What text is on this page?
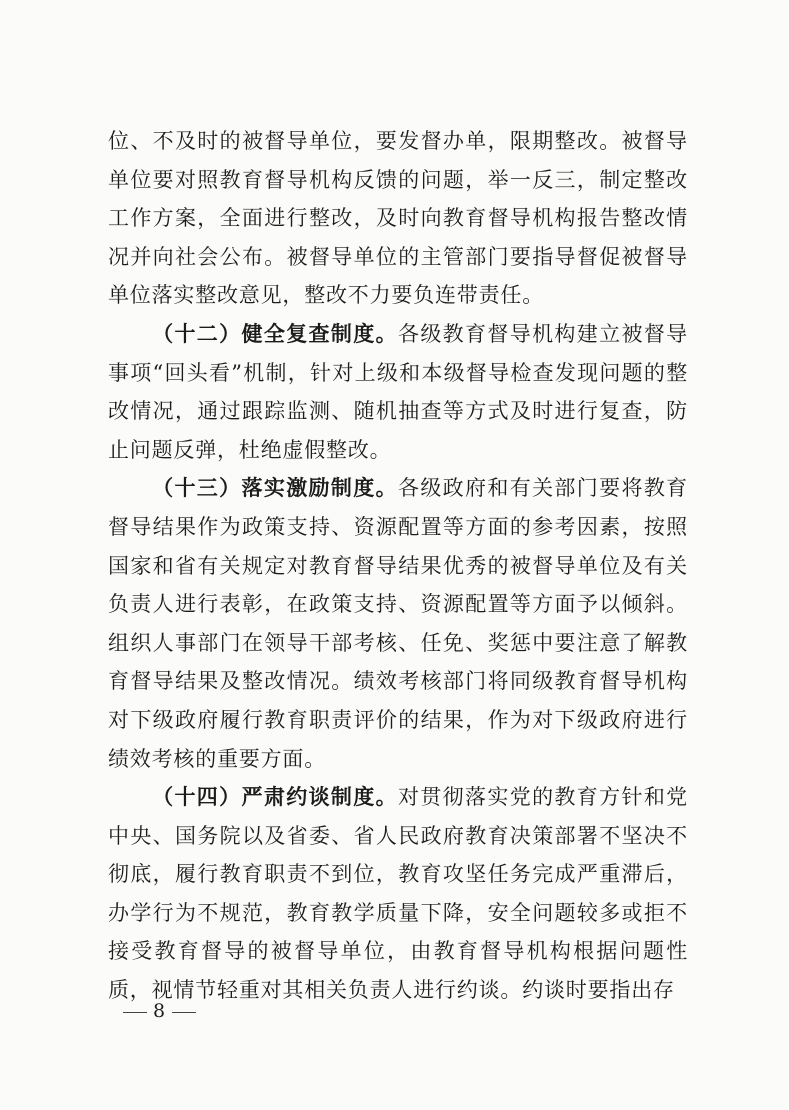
位、不及时的被督导单位，要发督办单，限期整改。被督导单位要对照教育督导机构反馈的问题，举一反三，制定整改工作方案，全面进行整改，及时向教育督导机构报告整改情况并向社会公布。被督导单位的主管部门要指导督促被督导单位落实整改意见，整改不力要负连带责任。

（十二）健全复查制度。各级教育督导机构建立被督导事项“回头看”机制，针对上级和本级督导检查发现问题的整改情况，通过跟踪监测、随机抽查等方式及时进行复查，防止问题反弹，杜绝虚假整改。

（十三）落实激励制度。各级政府和有关部门要将教育督导结果作为政策支持、资源配置等方面的参考因素，按照国家和省有关规定对教育督导结果优秀的被督导单位及有关负责人进行表彰，在政策支持、资源配置等方面予以倾斜。组织人事部门在领导干部考核、任免、奖惩中要注意了解教育督导结果及整改情况。绩效考核部门将同级教育督导机构对下级政府履行教育职责评价的结果，作为对下级政府进行绩效考核的重要方面。

（十四）严肃约谈制度。对贯彻落实党的教育方针和党中央、国务院以及省委、省人民政府教育决策部署不坚决不彻底，履行教育职责不到位，教育攻坚任务完成严重滞后，办学行为不规范，教育教学质量下降，安全问题较多或拒不接受教育督导的被督导单位，由教育督导机构根据问题性质，视情节轻重对其相关负责人进行约谈。约谈时要指出存

8
